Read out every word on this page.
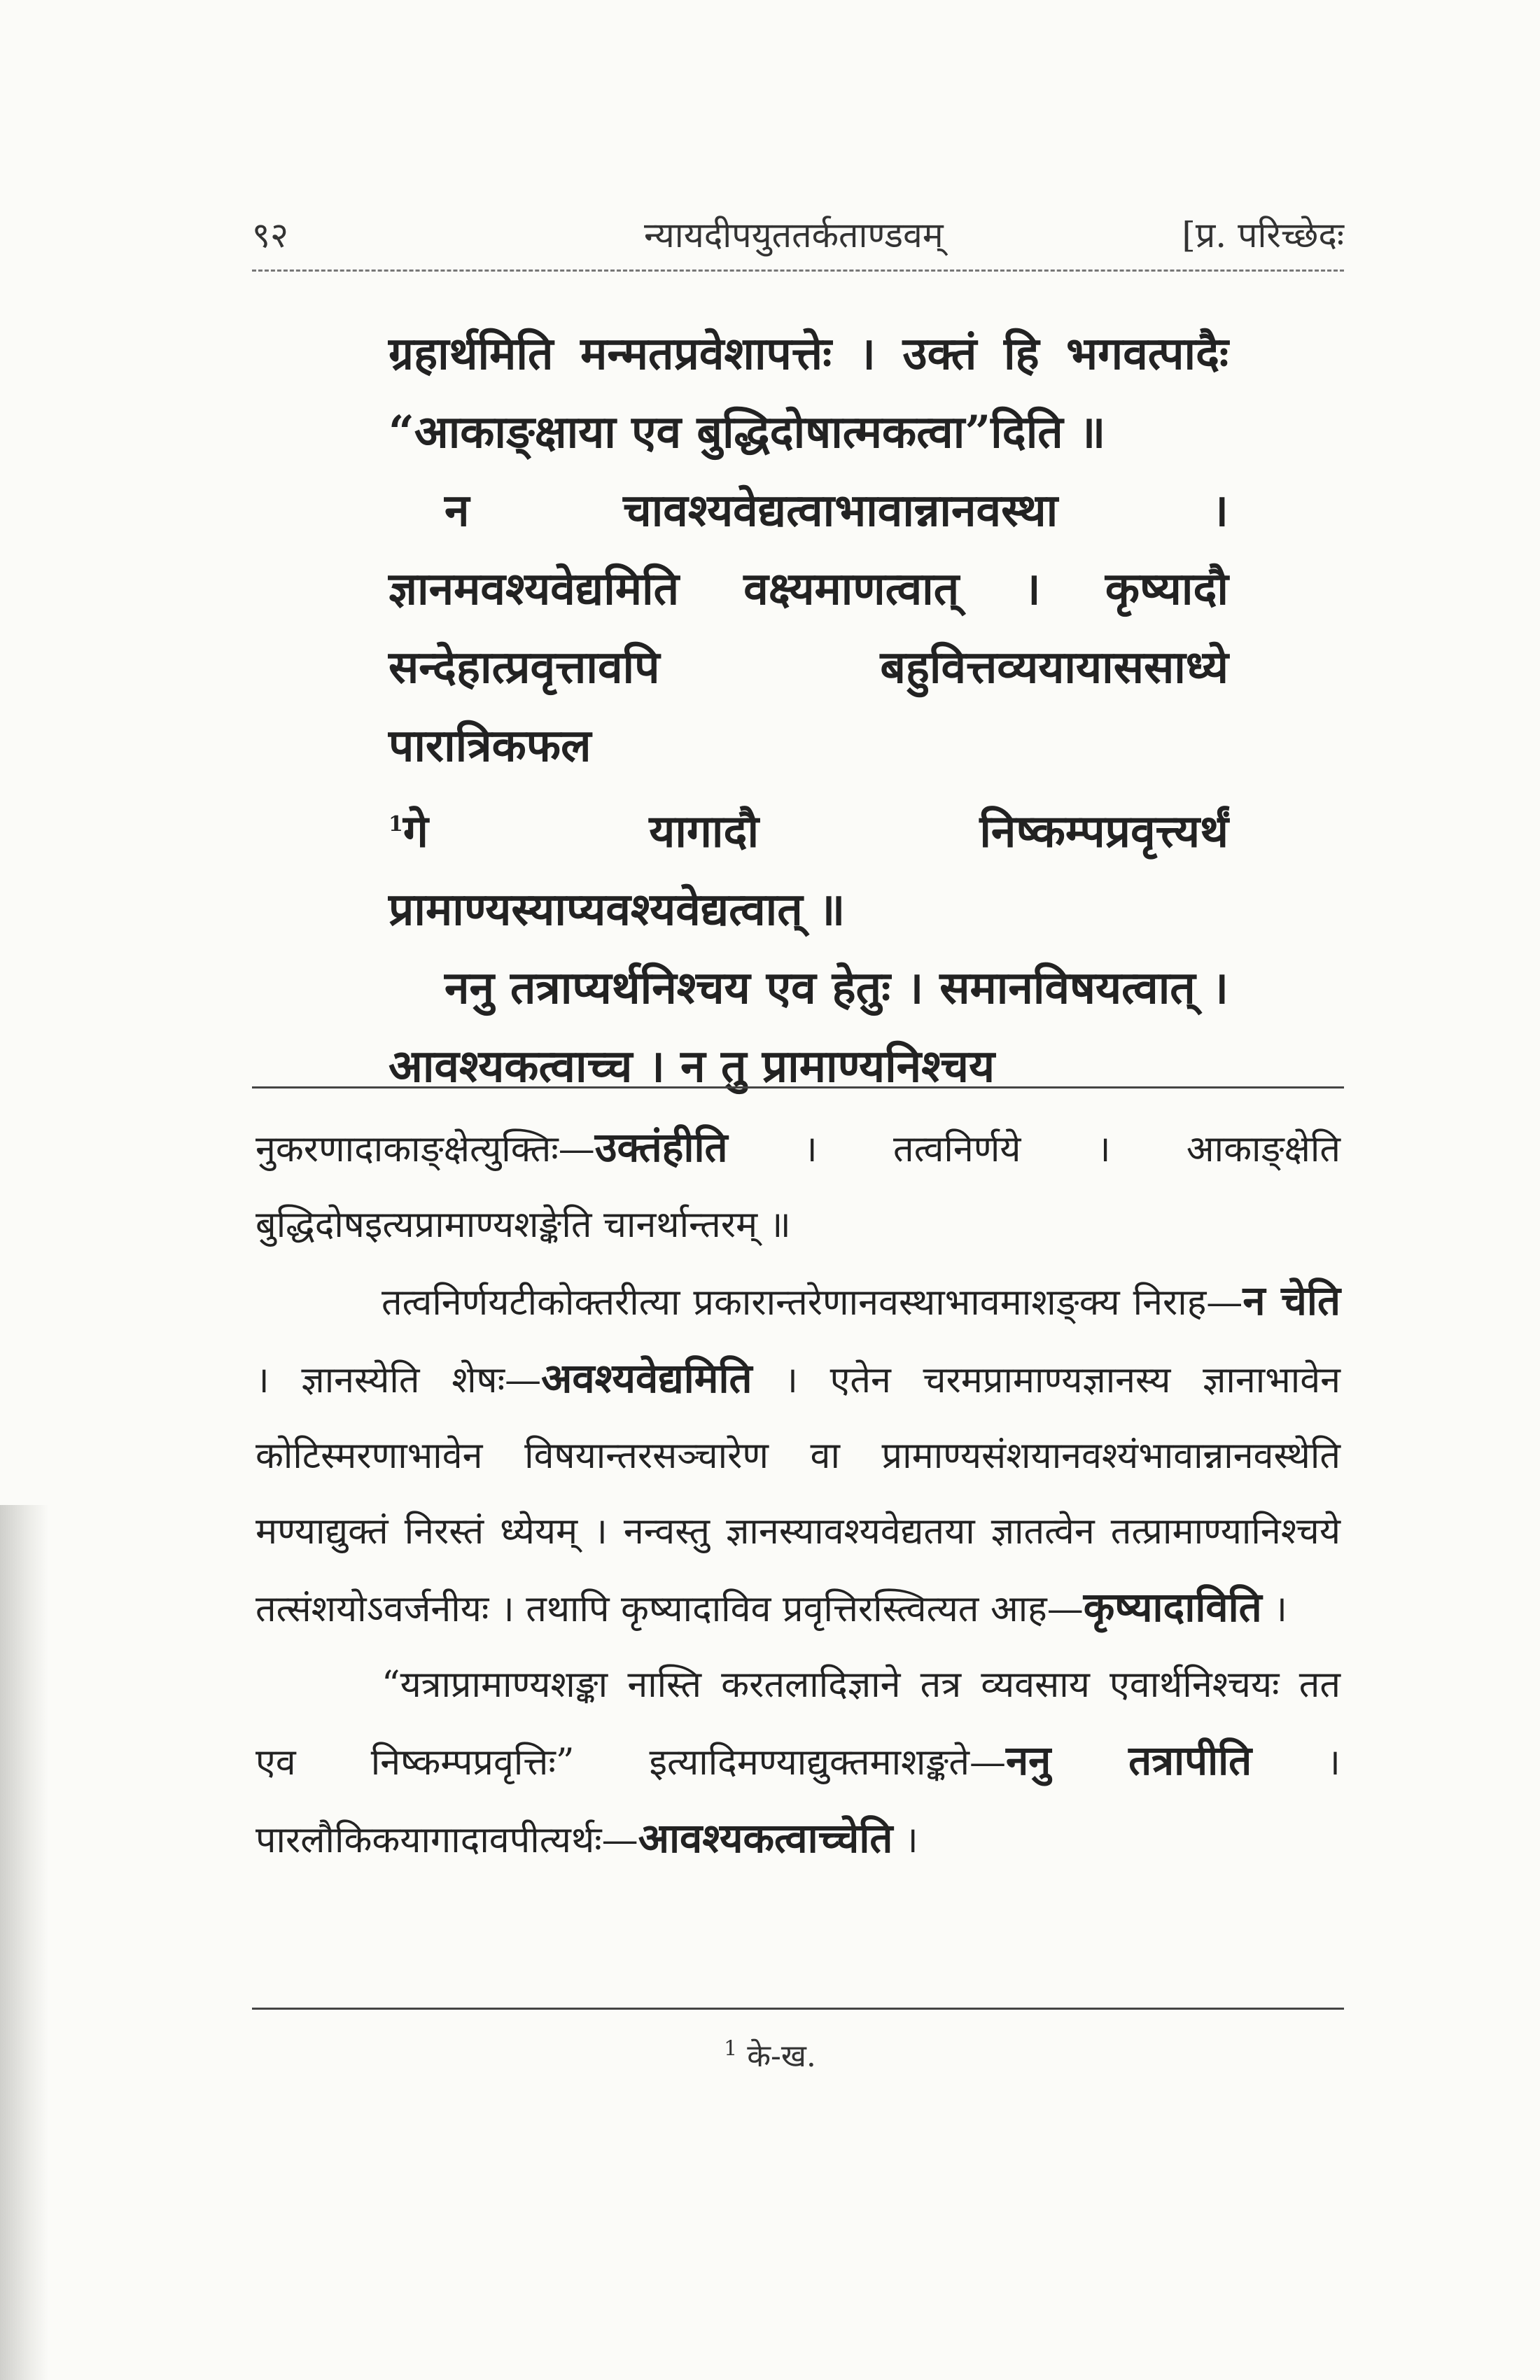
९२	न्यायदीपयुततर्कताण्डवम्	[प्र. परिच्छेदः

ग्रहार्थमिति मन्मतप्रवेशापत्तेः । उक्तं हि भगवत्पादैः “आकाङ्क्षाया एव बुद्धिदोषात्मकत्वा”दिति ॥

न चावश्यवेद्यत्वाभावान्नानवस्था । ज्ञानमवश्यवेद्यमिति वक्ष्यमाणत्वात् । कृष्यादौ सन्देहात्प्रवृत्तावपि बहुवित्तव्ययायाससाध्ये पारात्रिकफल

$^1$गे यागादौ निष्कम्पप्रवृत्त्यर्थं प्रामाण्यस्याप्यवश्यवेद्यत्वात् ॥

ननु तत्राप्यर्थनिश्चय एव हेतुः । समानविषयत्वात् । आवश्यकत्वाच्च । न तु प्रामाण्यनिश्चय

नुकरणादाकाङ्क्षेत्युक्तिः—उक्तंहीति । तत्वनिर्णये । आकाङ्क्षेति बुद्धिदोषइत्यप्रामाण्यशङ्केति चानर्थान्तरम् ॥

तत्वनिर्णयटीकोक्तरीत्या प्रकारान्तरेणानवस्थाभावमाशङ्क्य निराह—न चेति । ज्ञानस्येति शेषः—अवश्यवेद्यमिति । एतेन चरमप्रामाण्यज्ञानस्य ज्ञानाभावेन कोटिस्मरणाभावेन विषयान्तरसञ्चारेण वा प्रामाण्यसंशयानवश्यंभावान्नानवस्थेति मण्याद्युक्तं निरस्तं ध्येयम् । नन्वस्तु ज्ञानस्यावश्यवेद्यतया ज्ञातत्वेन तत्प्रामाण्यानिश्चये तत्संशयोऽवर्जनीयः । तथापि कृष्यादाविव प्रवृत्तिरस्त्वित्यत आह—कृष्यादाविति ।

“यत्राप्रामाण्यशङ्का नास्ति करतलादिज्ञाने तत्र व्यवसाय एवार्थनिश्चयः तत एव निष्कम्पप्रवृत्तिः” इत्यादिमण्याद्युक्तमाशङ्कते—ननु तत्रापीति । पारलौकिकयागादावपीत्यर्थः—आवश्यकत्वाच्चेति ।

$^1$ के-ख.
